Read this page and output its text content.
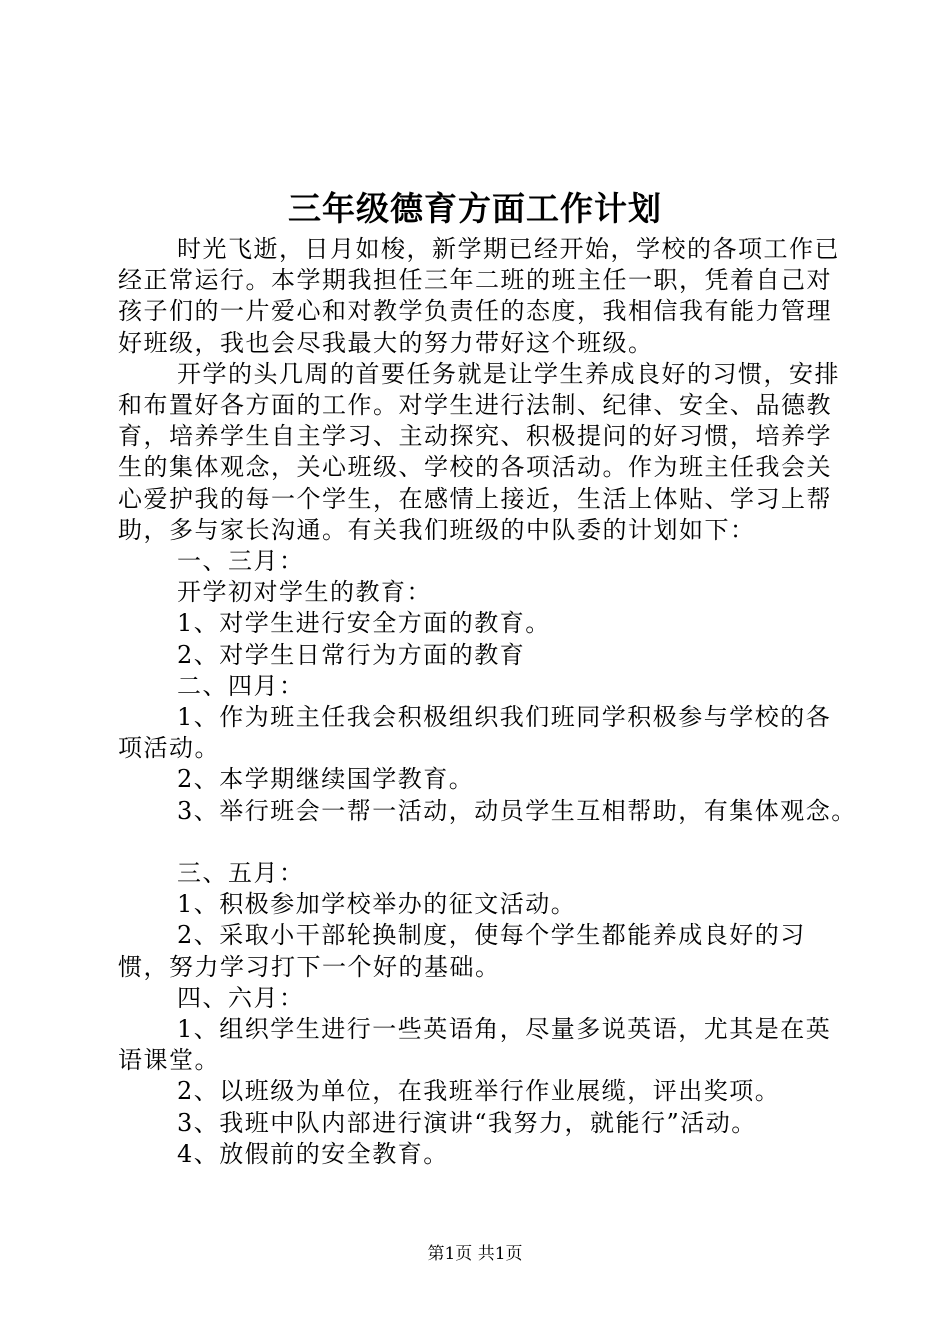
三年级德育方面工作计划

时光飞逝，日月如梭，新学期已经开始，学校的各项工作已经正常运行。本学期我担任三年二班的班主任一职，凭着自己对孩子们的一片爱心和对教学负责任的态度，我相信我有能力管理好班级，我也会尽我最大的努力带好这个班级。

开学的头几周的首要任务就是让学生养成良好的习惯，安排和布置好各方面的工作。对学生进行法制、纪律、安全、品德教育，培养学生自主学习、主动探究、积极提问的好习惯，培养学生的集体观念，关心班级、学校的各项活动。作为班主任我会关心爱护我的每一个学生，在感情上接近，生活上体贴、学习上帮助，多与家长沟通。有关我们班级的中队委的计划如下：

一、三月：

开学初对学生的教育：

1、对学生进行安全方面的教育。

2、对学生日常行为方面的教育

二、四月：

1、作为班主任我会积极组织我们班同学积极参与学校的各项活动。

2、本学期继续国学教育。

3、举行班会一帮一活动，动员学生互相帮助，有集体观念。

三、五月：

1、积极参加学校举办的征文活动。

2、采取小干部轮换制度，使每个学生都能养成良好的习惯，努力学习打下一个好的基础。

四、六月：

1、组织学生进行一些英语角，尽量多说英语，尤其是在英语课堂。

2、以班级为单位，在我班举行作业展缆，评出奖项。

3、我班中队内部进行演讲“我努力，就能行”活动。

4、放假前的安全教育。

第1页 共1页
